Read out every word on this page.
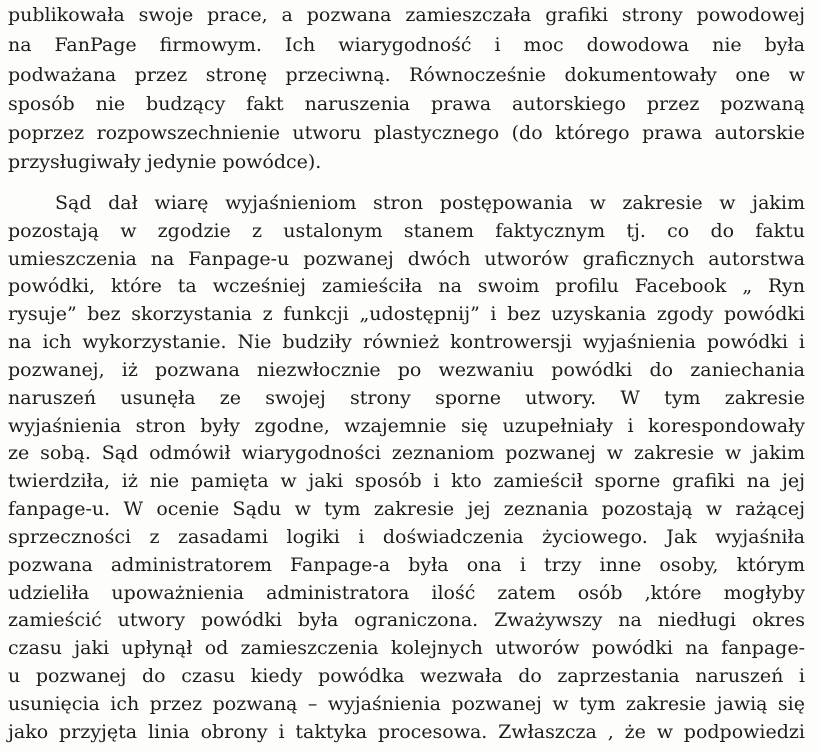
publikowała swoje prace, a pozwana zamieszczała grafiki strony powodowej
na FanPage firmowym. Ich wiarygodność i moc dowodowa nie była
podważana przez stronę przeciwną. Równocześnie dokumentowały one w
sposób nie budzący fakt naruszenia prawa autorskiego przez pozwaną
poprzez rozpowszechnienie utworu plastycznego (do którego prawa autorskie
przysługiwały jedynie powódce).
Sąd dał wiarę wyjaśnieniom stron postępowania w zakresie w jakim
pozostają w zgodzie z ustalonym stanem faktycznym tj. co do faktu
umieszczenia na Fanpage-u pozwanej dwóch utworów graficznych autorstwa
powódki, które ta wcześniej zamieściła na swoim profilu Facebook „ Ryn
rysuje” bez skorzystania z funkcji „udostępnij” i bez uzyskania zgody powódki
na ich wykorzystanie. Nie budziły również kontrowersji wyjaśnienia powódki i
pozwanej, iż pozwana niezwłocznie po wezwaniu powódki do zaniechania
naruszeń usunęła ze swojej strony sporne utwory. W tym zakresie
wyjaśnienia stron były zgodne, wzajemnie się uzupełniały i korespondowały
ze sobą. Sąd odmówił wiarygodności zeznaniom pozwanej w zakresie w jakim
twierdziła, iż nie pamięta w jaki sposób i kto zamieścił sporne grafiki na jej
fanpage-u. W ocenie Sądu w tym zakresie jej zeznania pozostają w rażącej
sprzeczności z zasadami logiki i doświadczenia życiowego. Jak wyjaśniła
pozwana administratorem Fanpage-a była ona i trzy inne osoby, którym
udzieliła upoważnienia administratora ilość zatem osób ,które mogłyby
zamieścić utwory powódki była ograniczona. Zważywszy na niedługi okres
czasu jaki upłynął od zamieszczenia kolejnych utworów powódki na fanpage-
u pozwanej do czasu kiedy powódka wezwała do zaprzestania naruszeń i
usunięcia ich przez pozwaną – wyjaśnienia pozwanej w tym zakresie jawią się
jako przyjęta linia obrony i taktyka procesowa. Zwłaszcza , że w podpowiedzi
